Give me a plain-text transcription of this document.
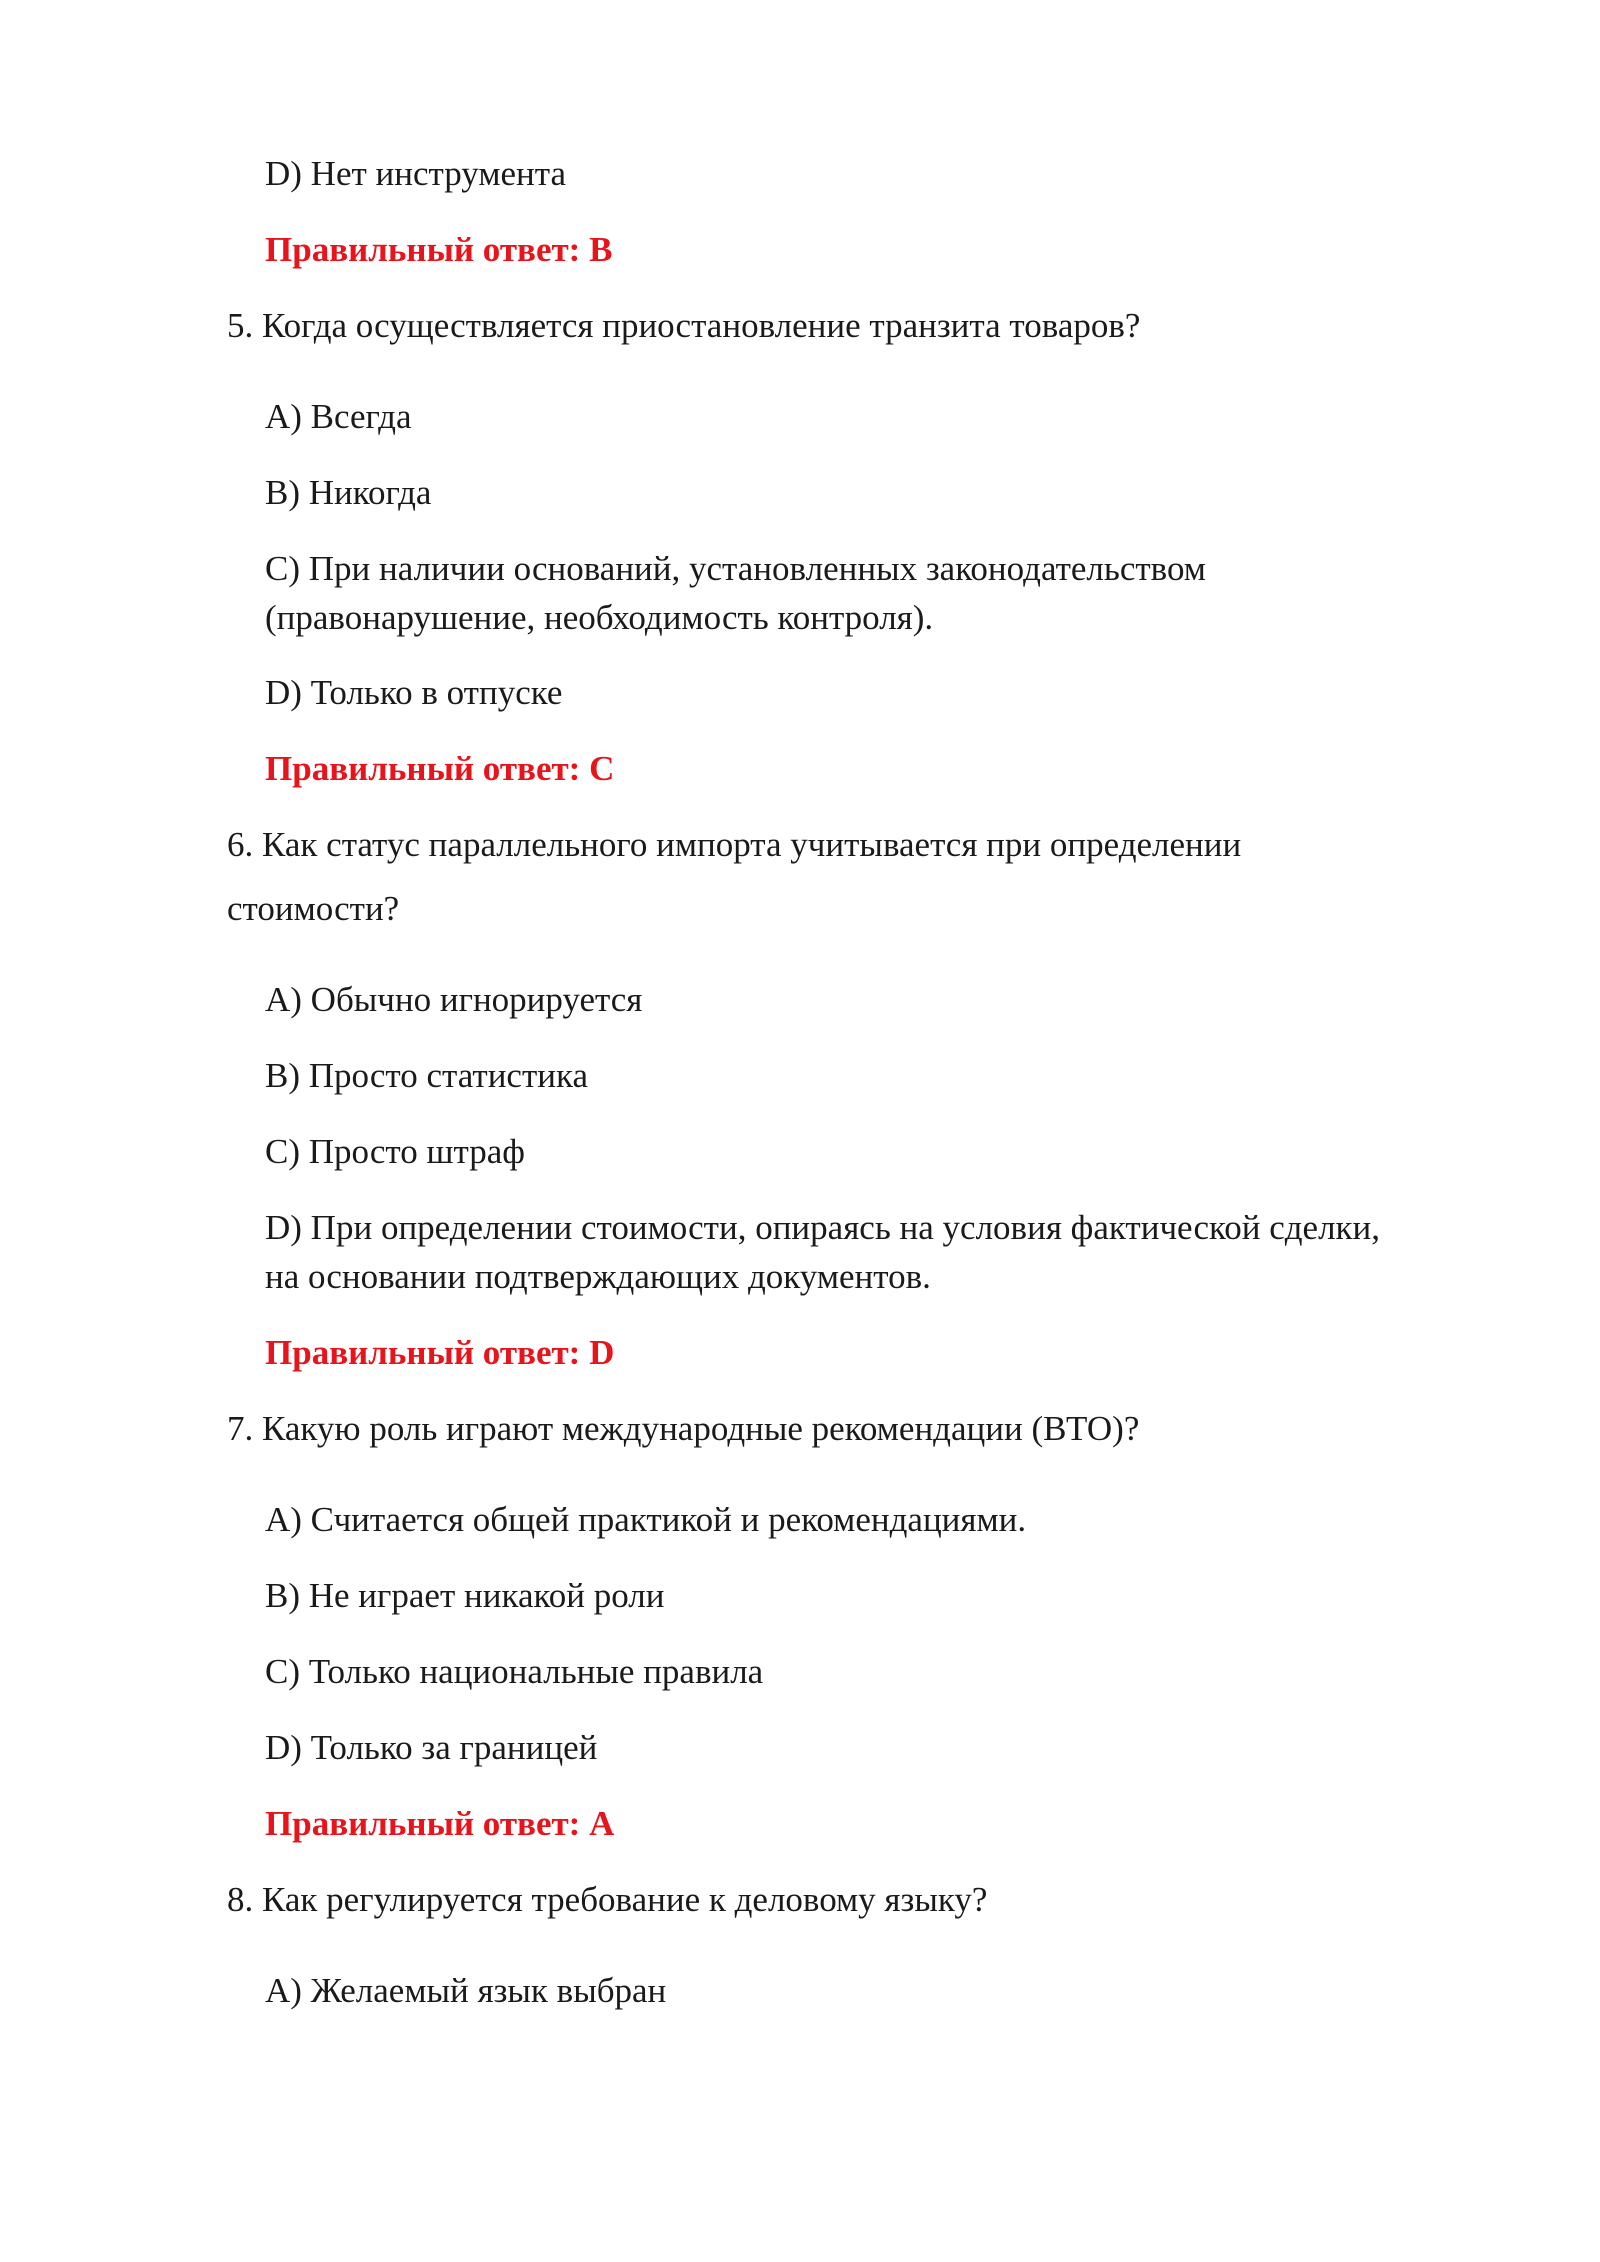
D) Нет инструмента
Правильный ответ: B
5. Когда осуществляется приостановление транзита товаров?
A) Всегда
B) Никогда
C) При наличии оснований, установленных законодательством
(правонарушение, необходимость контроля).
D) Только в отпуске
Правильный ответ: C
6. Как статус параллельного импорта учитывается при определении
стоимости?
A) Обычно игнорируется
B) Просто статистика
C) Просто штраф
D) При определении стоимости, опираясь на условия фактической сделки,
на основании подтверждающих документов.
Правильный ответ: D
7. Какую роль играют международные рекомендации (ВТО)?
A) Считается общей практикой и рекомендациями.
B) Не играет никакой роли
C) Только национальные правила
D) Только за границей
Правильный ответ: A
8. Как регулируется требование к деловому языку?
A) Желаемый язык выбран
